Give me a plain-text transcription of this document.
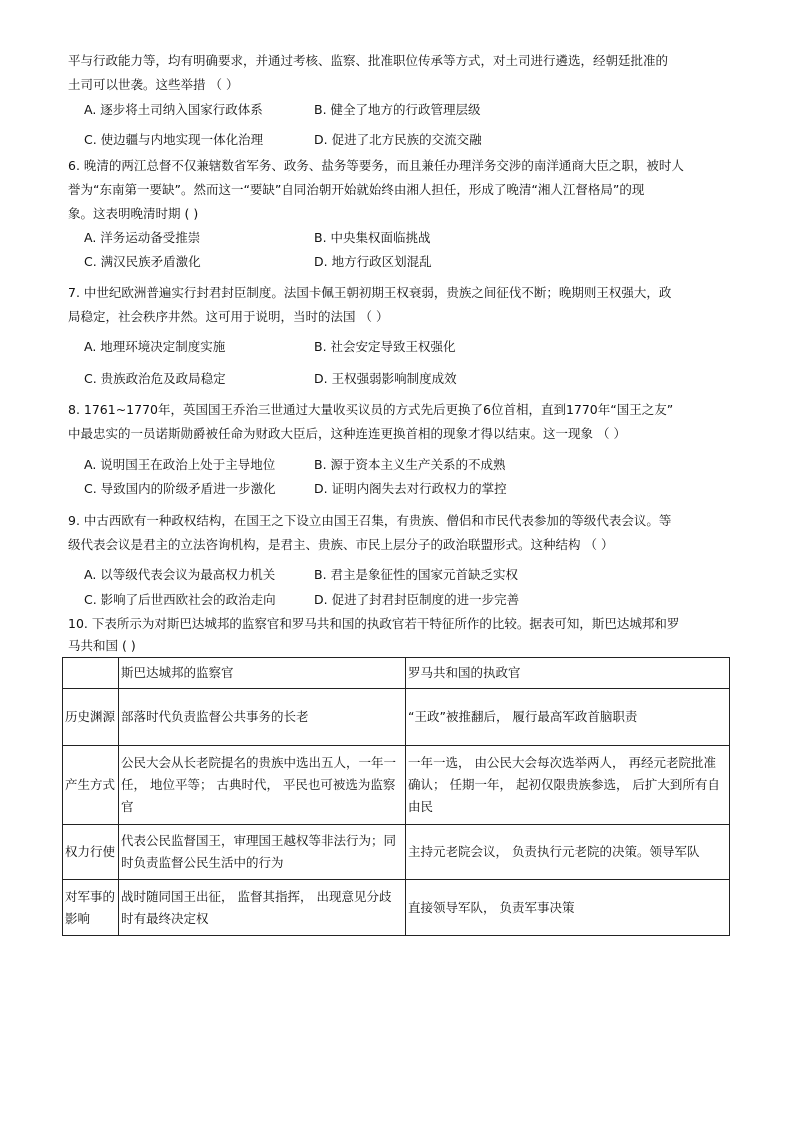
平与行政能力等，均有明确要求，并通过考核、监察、批准职位传承等方式，对土司进行遴选，经朝廷批准的
土司可以世袭。这些举措 （ ）
A. 逐步将土司纳入国家行政体系	B. 健全了地方的行政管理层级
C. 使边疆与内地实现一体化治理	D. 促进了北方民族的交流交融
6. 晚清的两江总督不仅兼辖数省军务、政务、盐务等要务，而且兼任办理洋务交涉的南洋通商大臣之职，被时人
誉为“东南第一要缺”。然而这一“要缺”自同治朝开始就始终由湘人担任，形成了晚清“湘人江督格局”的现
象。这表明晚清时期 ( )
A. 洋务运动备受推崇	B. 中央集权面临挑战
C. 满汉民族矛盾激化	D. 地方行政区划混乱
7. 中世纪欧洲普遍实行封君封臣制度。法国卡佩王朝初期王权衰弱，贵族之间征伐不断；晚期则王权强大，政
局稳定，社会秩序井然。这可用于说明，当时的法国 （ ）
A. 地理环境决定制度实施	B. 社会安定导致王权强化
C. 贵族政治危及政局稳定	D. 王权强弱影响制度成效
8. 1761~1770年，英国国王乔治三世通过大量收买议员的方式先后更换了6位首相，直到1770年“国王之友”
中最忠实的一员诺斯勋爵被任命为财政大臣后，这种连连更换首相的现象才得以结束。这一现象 （ ）
A. 说明国王在政治上处于主导地位	B. 源于资本主义生产关系的不成熟
C. 导致国内的阶级矛盾进一步激化	D. 证明内阁失去对行政权力的掌控
9. 中古西欧有一种政权结构，在国王之下设立由国王召集，有贵族、僧侣和市民代表参加的等级代表会议。等
级代表会议是君主的立法咨询机构，是君主、贵族、市民上层分子的政治联盟形式。这种结构 （ ）
A. 以等级代表会议为最高权力机关	B. 君主是象征性的国家元首缺乏实权
C. 影响了后世西欧社会的政治走向	D. 促进了封君封臣制度的进一步完善
10. 下表所示为对斯巴达城邦的监察官和罗马共和国的执政官若干特征所作的比较。据表可知，斯巴达城邦和罗
马共和国 ( )
	斯巴达城邦的监察官	罗马共和国的执政官
历史渊源	部落时代负责监督公共事务的长老	“王政”被推翻后， 履行最高军政首脑职责
产生方式	公民大会从长老院提名的贵族中选出五人，一年一任， 地位平等； 古典时代， 平民也可被选为监察官	一年一选， 由公民大会每次选举两人， 再经元老院批准确认； 任期一年， 起初仅限贵族参选， 后扩大到所有自由民
权力行使	代表公民监督国王，审理国王越权等非法行为；同时负责监督公民生活中的行为	主持元老院会议， 负责执行元老院的决策。领导军队
对军事的影响	战时随同国王出征， 监督其指挥， 出现意见分歧时有最终决定权	直接领导军队， 负责军事决策
